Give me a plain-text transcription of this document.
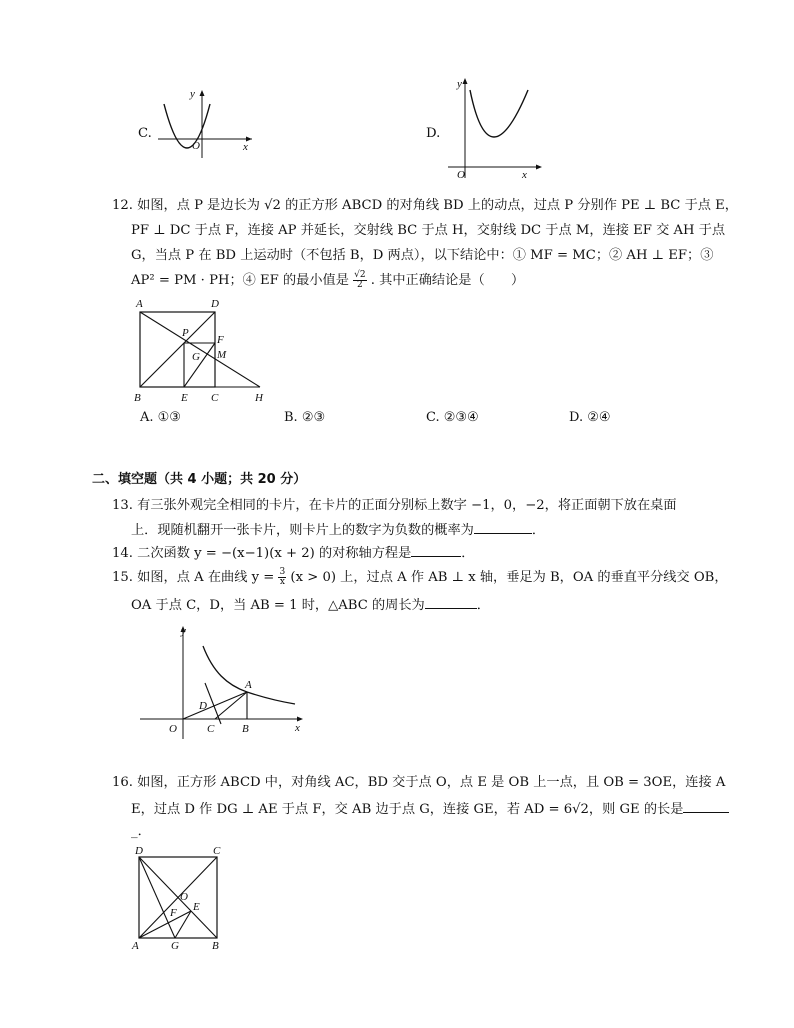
C.
y
x
O
D.
y
x
O
12. 如图，点 P 是边长为 √2 的正方形 ABCD 的对角线 BD 上的动点，过点 P 分别作 PE ⊥ BC 于点 E，
PF ⊥ DC 于点 F，连接 AP 并延长，交射线 BC 于点 H，交射线 DC 于点 M，连接 EF 交 AH 于点
G，当点 P 在 BD 上运动时（不包括 B，D 两点），以下结论中：① MF = MC；② AH ⊥ EF；③
AP² = PM · PH；④ EF 的最小值是 $\frac{√2}{2}$ . 其中正确结论是（　　）
A	D
P
F
G M
B	E C	H
A. ①③	B. ②③	C. ②③④	D. ②④
二、填空题（共 4 小题；共 20 分）
13. 有三张外观完全相同的卡片，在卡片的正面分别标上数字 −1，0，−2，将正面朝下放在桌面
上．现随机翻开一张卡片，则卡片上的数字为负数的概率为	．
14. 二次函数 y = −(x−1)(x + 2) 的对称轴方程是	．
15. 如图，点 A 在曲线 $y = \frac{3}{x} (x > 0)$ 上，过点 A 作 AB ⊥ x 轴，垂足为 B，OA 的垂直平分线交 OB，
OA 于点 C，D，当 AB = 1 时，△ABC 的周长为	．
y
x
O
A
D
C	B
16. 如图，正方形 ABCD 中，对角线 AC，BD 交于点 O，点 E 是 OB 上一点，且 OB = 3OE，连接 A
E，过点 D 作 DG ⊥ AE 于点 F，交 AB 边于点 G，连接 GE，若 AD = 6√2，则 GE 的长是
_．
D	C
O
E
F
A	G	B
